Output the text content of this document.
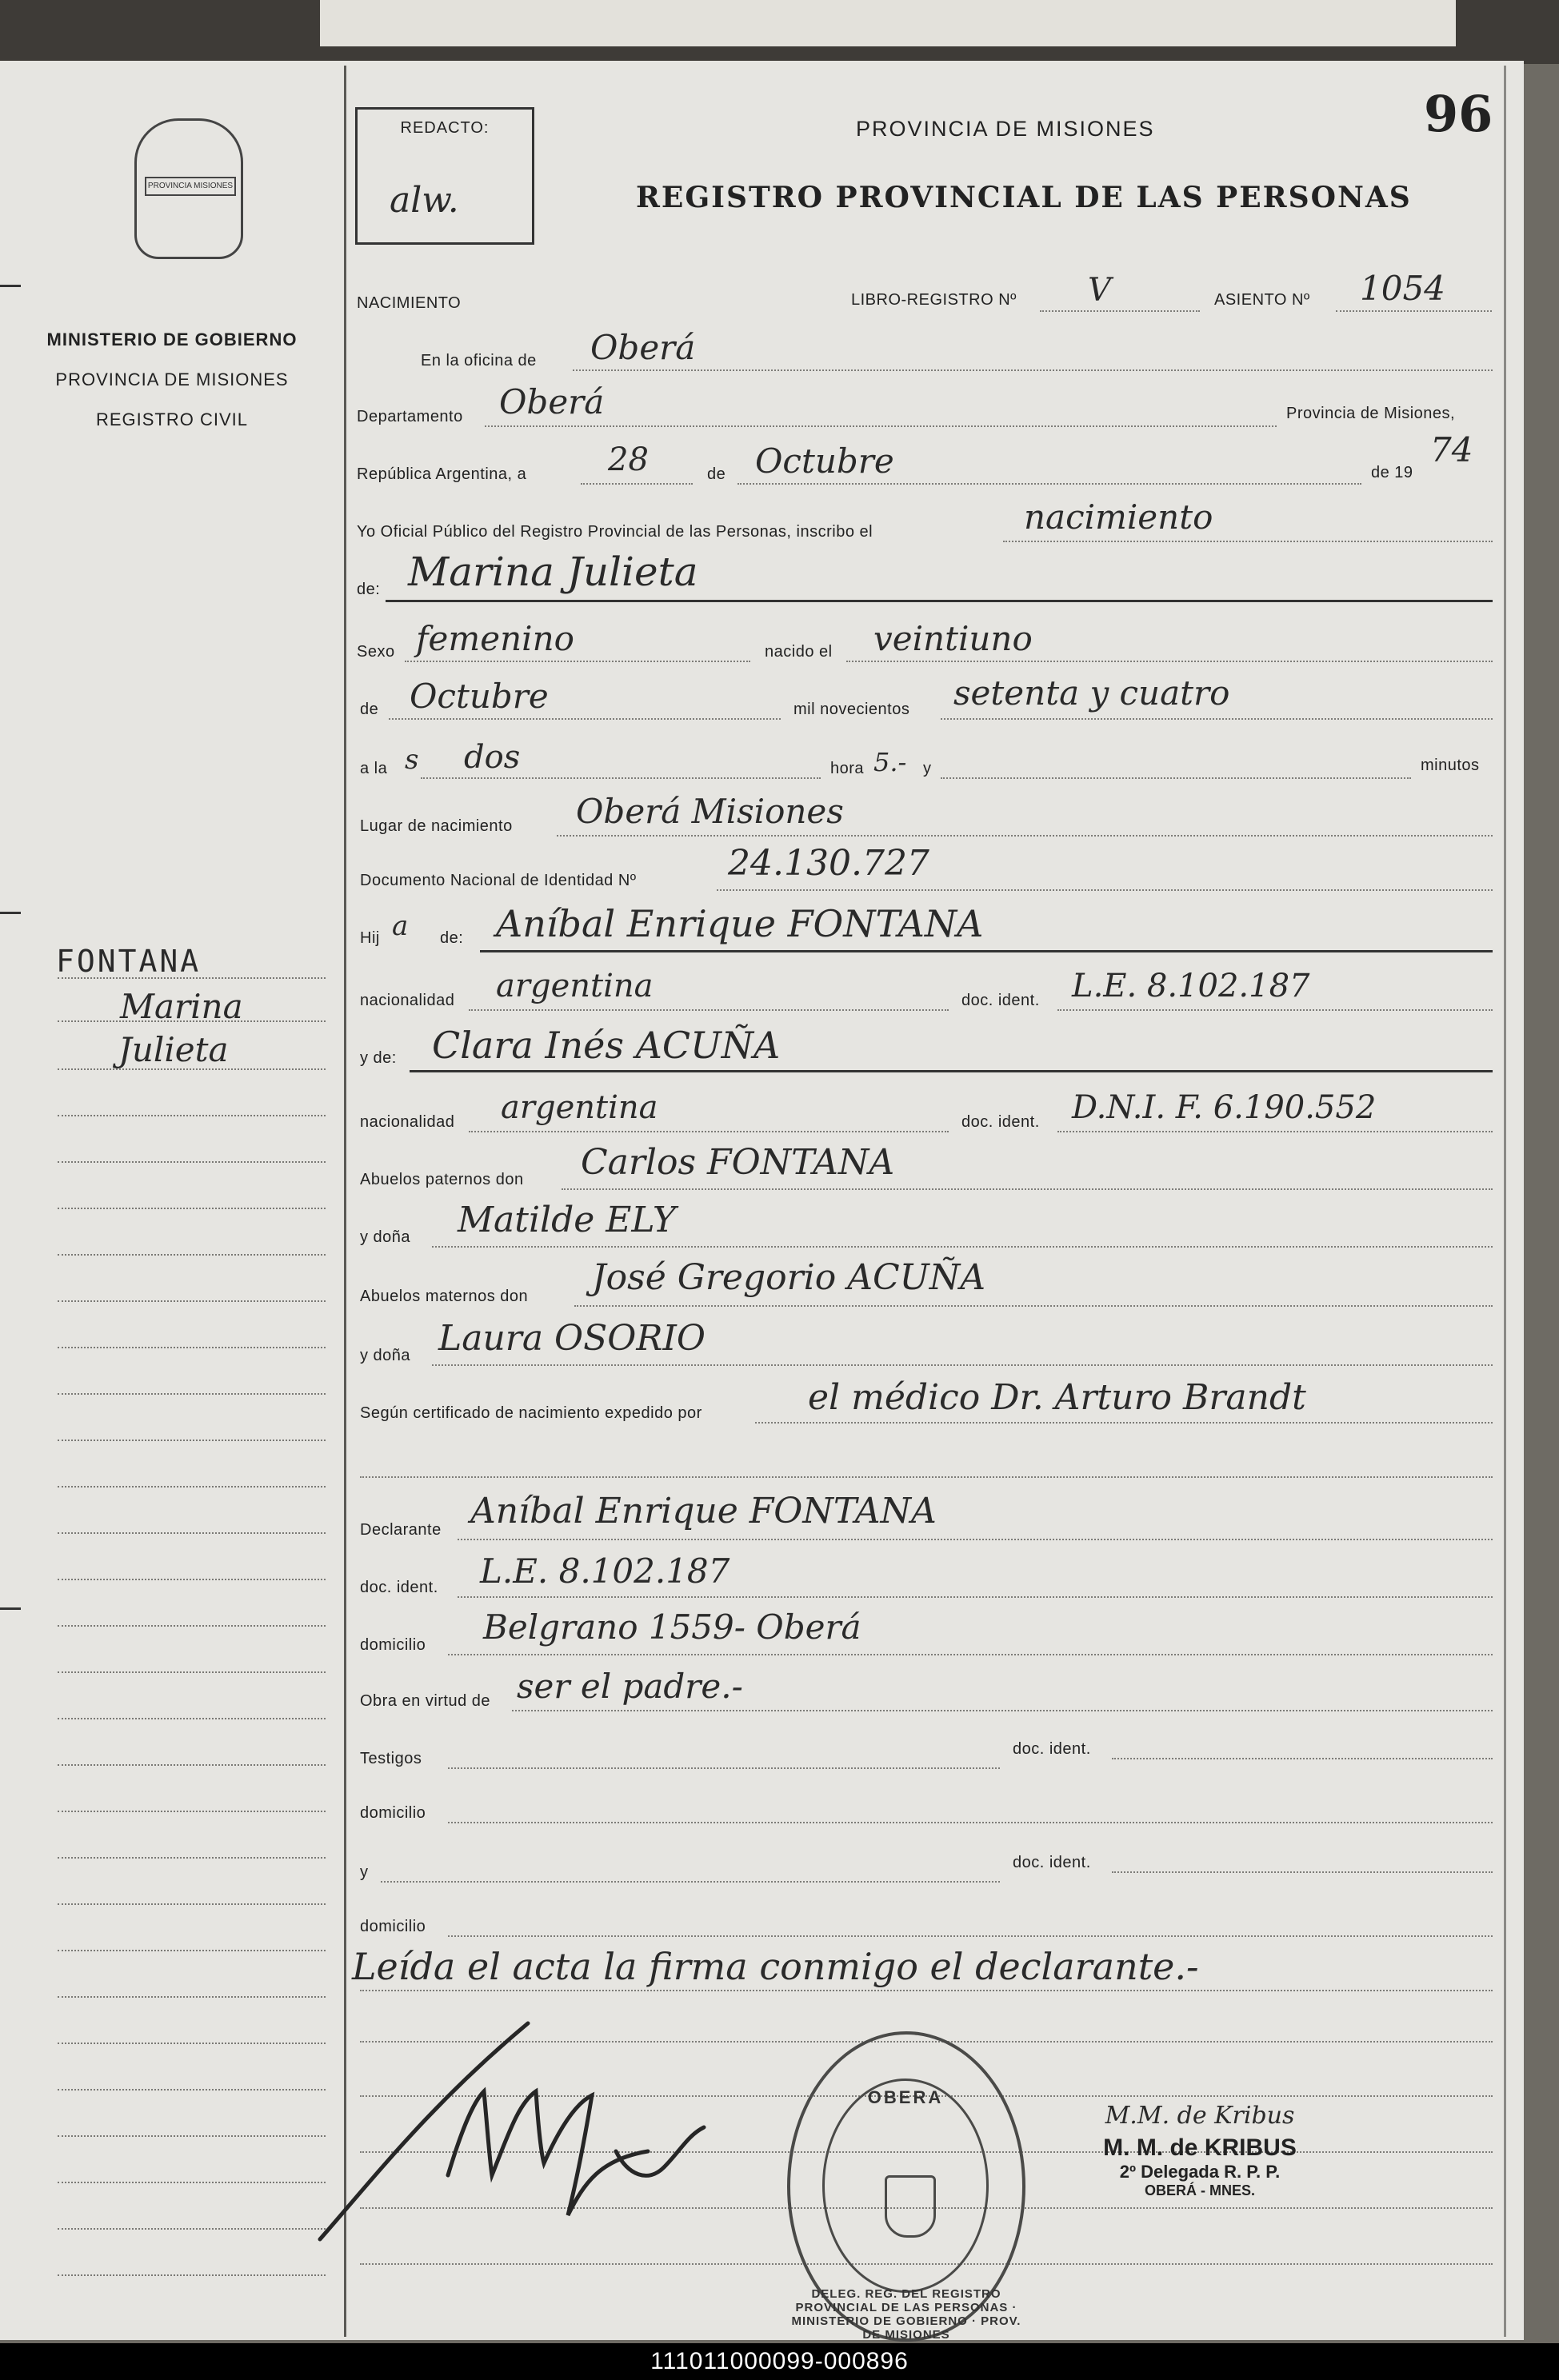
PROVINCIA MISIONES
MINISTERIO DE GOBIERNO
PROVINCIA DE MISIONES
REGISTRO CIVIL
FONTANA
Marina
Julieta
REDACTO:
alw.
PROVINCIA DE MISIONES
REGISTRO PROVINCIAL DE LAS PERSONAS
96
NACIMIENTO	LIBRO-REGISTRO Nº V	ASIENTO Nº 1054
En la oficina de Oberá
Departamento Oberá	Provincia de Misiones,
República Argentina, a	28	de Octubre	de 19
74
Yo Oficial Público del Registro Provincial de las Personas, inscribo el	nacimiento
de: Marina Julieta
Sexo femenino	nacido el veintiuno
de Octubre	mil novecientos setenta y cuatro
a la s dos	hora 5.- y	minutos
Lugar de nacimiento Oberá Misiones
Documento Nacional de Identidad Nº	24.130.727
Hij a de: Aníbal Enrique FONTANA
nacionalidad argentina	doc. ident. L.E. 8.102.187
y de: Clara Inés ACUÑA
nacionalidad argentina	doc. ident. D.N.I. F. 6.190.552
Abuelos paternos don Carlos FONTANA
y doña Matilde ELY
Abuelos maternos don José Gregorio ACUÑA
y doña Laura OSORIO
Según certificado de nacimiento expedido por	el médico Dr. Arturo Brandt
Declarante Aníbal Enrique FONTANA
doc. ident. L.E. 8.102.187
domicilio Belgrano 1559- Oberá
Obra en virtud de ser el padre.-
Testigos
doc. ident.
domicilio
y
doc. ident.
domicilio
Leída el acta la firma conmigo el declarante.-
OBERA
DELEG. REG. DEL REGISTRO PROVINCIAL DE LAS PERSONAS · MINISTERIO DE GOBIERNO · PROV. DE MISIONES
M.M. de Kribus
M. M. de KRIBUS
2º Delegada R. P. P.
OBERÁ - MNES.
111011000099-000896
